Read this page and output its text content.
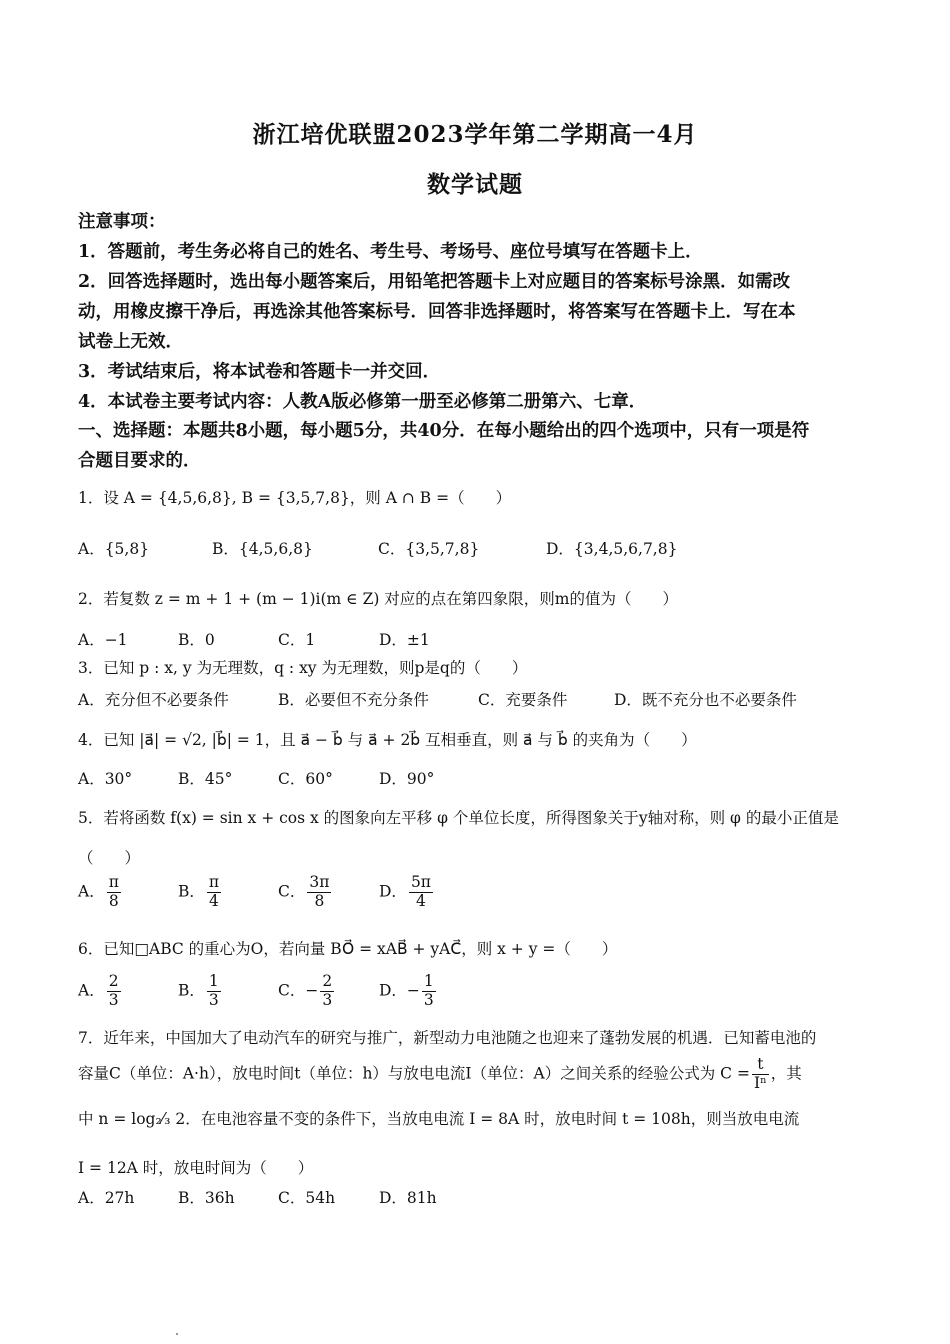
浙江培优联盟2023学年第二学期高一4月
数学试题
注意事项：
1．答题前，考生务必将自己的姓名、考生号、考场号、座位号填写在答题卡上．
2．回答选择题时，选出每小题答案后，用铅笔把答题卡上对应题目的答案标号涂黑．如需改
动，用橡皮擦干净后，再选涂其他答案标号．回答非选择题时，将答案写在答题卡上．写在本
试卷上无效．
3．考试结束后，将本试卷和答题卡一并交回．
4．本试卷主要考试内容：人教A版必修第一册至必修第二册第六、七章．
一、选择题：本题共8小题，每小题5分，共40分．在每小题给出的四个选项中，只有一项是符
合题目要求的．
1．设 A = {4,5,6,8}, B = {3,5,7,8}，则 A ∩ B =（　　）
A．{5,8}	B．{4,5,6,8}	C．{3,5,7,8}	D．{3,4,5,6,7,8}
2．若复数 z = m + 1 + (m − 1)i(m ∈ Z) 对应的点在第四象限，则m的值为（　　）
A．−1	B．0	C．1	D．±1
3．已知 p : x, y 为无理数，q : xy 为无理数，则p是q的（　　）
A．充分但不必要条件	B．必要但不充分条件	C．充要条件	D．既不充分也不必要条件
4．已知 |a⃗| = √2, |b⃗| = 1，且 a⃗ − b⃗ 与 a⃗ + 2b⃗ 互相垂直，则 a⃗ 与 b⃗ 的夹角为（　　）
A．30°	B．45°	C．60°	D．90°
5．若将函数 f(x) = sin x + cos x 的图象向左平移 φ 个单位长度，所得图象关于y轴对称，则 φ 的最小正值是
（　　）
A． $\frac{\pi}{8}$	B． $\frac{\pi}{4}$	C． $\frac{3\pi}{8}$	D． $\frac{5\pi}{4}$
6．已知□ABC 的重心为O，若向量 BO⃗ = xAB⃗ + yAC⃗，则 x + y =（　　）
A． $\frac{2}{3}$	B． $\frac{1}{3}$	C．− $\frac{2}{3}$	D．− $\frac{1}{3}$
7．近年来，中国加大了电动汽车的研究与推广，新型动力电池随之也迎来了蓬勃发展的机遇．已知蓄电池的
容量C（单位：A·h），放电时间t（单位：h）与放电电流I（单位：A）之间关系的经验公式为 $C = \frac{t}{\text{Iⁿ}}$ ，其
中 n = log₂⁄₃ 2．在电池容量不变的条件下，当放电电流 I = 8A 时，放电时间 t = 108h，则当放电电流
I = 12A 时，放电时间为（　　）
A．27h	B．36h	C．54h	D．81h
